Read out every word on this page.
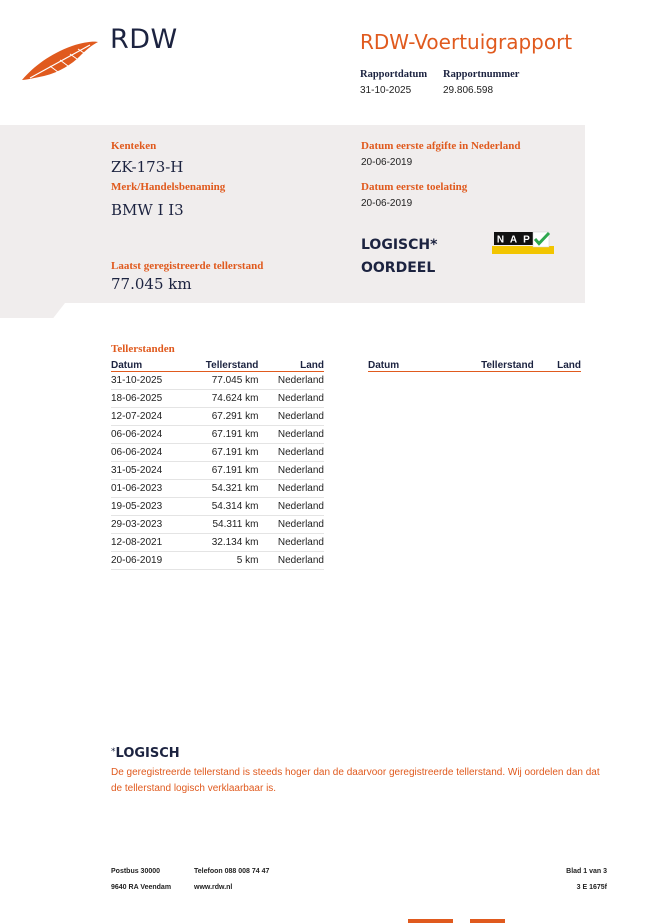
RDW	RDW-Voertuigrapport
Rapportdatum
31-10-2025
Rapportnummer
29.806.598
Kenteken
ZK-173-H
Merk/Handelsbenaming
BMW I I3
Laatst geregistreerde tellerstand
77.045 km
Datum eerste afgifte in Nederland
20-06-2019
Datum eerste toelating
20-06-2019
LOGISCH*
OORDEEL
N A P
Tellerstanden
Datum	Tellerstand	Land
31-10-2025	77.045 km	Nederland
18-06-2025	74.624 km	Nederland
12-07-2024	67.291 km	Nederland
06-06-2024	67.191 km	Nederland
06-06-2024	67.191 km	Nederland
31-05-2024	67.191 km	Nederland
01-06-2023	54.321 km	Nederland
19-05-2023	54.314 km	Nederland
29-03-2023	54.311 km	Nederland
12-08-2021	32.134 km	Nederland
20-06-2019	5 km	Nederland
Datum	Tellerstand	Land
*LOGISCH
De geregistreerde tellerstand is steeds hoger dan de daarvoor geregistreerde tellerstand. Wij oordelen dan dat de tellerstand logisch verklaarbaar is.
Postbus 30000
9640 RA Veendam
Telefoon 088 008 74 47
www.rdw.nl
Blad 1 van 3
3 E 1675f
